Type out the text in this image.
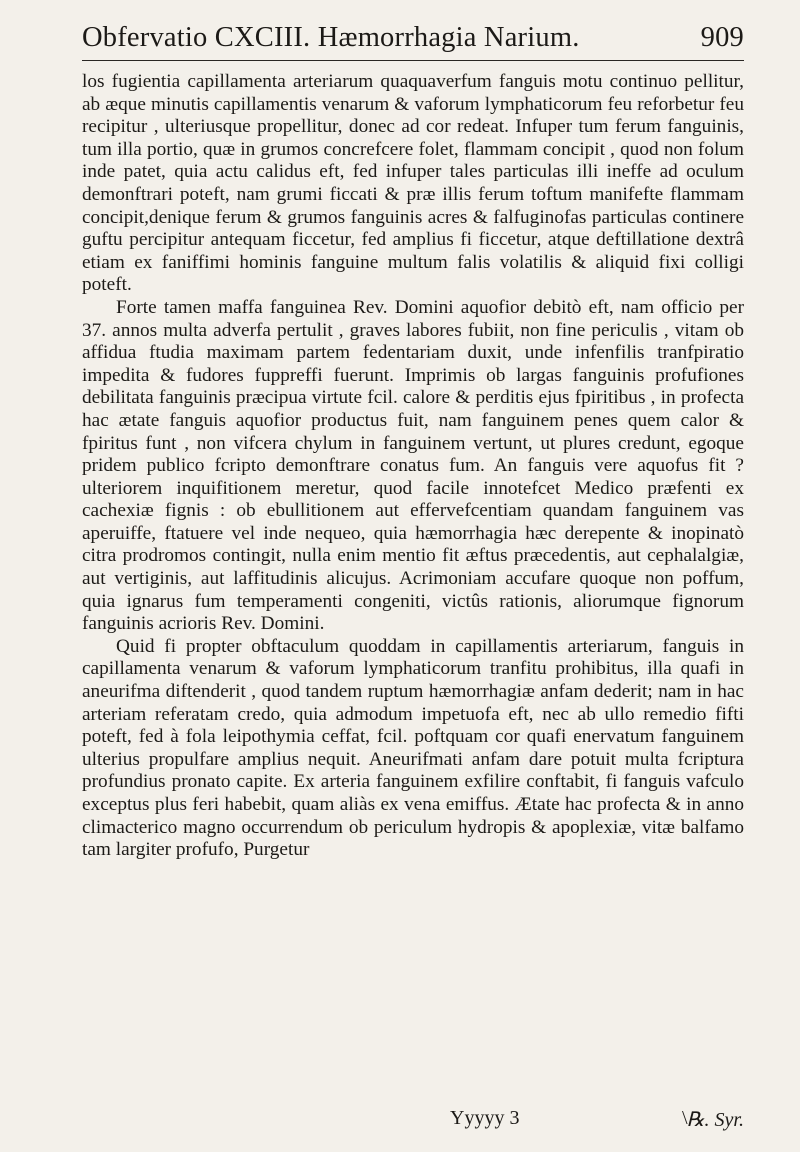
Obfervatio CXCIII. Hæmorrhagia Narium.	909

los fugientia capillamenta arteriarum quaquaverfum fanguis motu continuo pellitur, ab æque minutis capillamentis venarum & vaforum lymphaticorum feu reforbetur feu recipitur , ulteriusque propellitur, donec ad cor redeat. Infuper tum ferum fanguinis, tum illa portio, quæ in grumos concrefcere folet, flammam concipit , quod non folum inde patet, quia actu calidus eft, fed infuper tales particulas illi ineffe ad oculum demonftrari poteft, nam grumi ficcati & præ illis ferum toftum manifefte flammam concipit,denique ferum & grumos fanguinis acres & falfuginofas particulas continere guftu percipitur antequam ficcetur, fed amplius fi ficcetur, atque deftillatione dextrâ etiam ex faniffimi hominis fanguine multum falis volatilis & aliquid fixi colligi poteft.

Forte tamen maffa fanguinea Rev. Domini aquofior debitò eft, nam officio per 37. annos multa adverfa pertulit , graves labores fubiit, non fine periculis , vitam ob affidua ftudia maximam partem fedentariam duxit, unde infenfilis tranfpiratio impedita & fudores fuppreffi fuerunt. Imprimis ob largas fanguinis profufiones debilitata fanguinis præcipua virtute fcil. calore & perditis ejus fpiritibus , in profecta hac ætate fanguis aquofior productus fuit, nam fanguinem penes quem calor & fpiritus funt , non vifcera chylum in fanguinem vertunt, ut plures credunt, egoque pridem publico fcripto demonftrare conatus fum. An fanguis vere aquofus fit ? ulteriorem inquifitionem meretur, quod facile innotefcet Medico præfenti ex cachexiæ fignis : ob ebullitionem aut effervefcentiam quandam fanguinem vas aperuiffe, ftatuere vel inde nequeo, quia hæmorrhagia hæc derepente & inopinatò citra prodromos contingit, nulla enim mentio fit æftus præcedentis, aut cephalalgiæ, aut vertiginis, aut laffitudinis alicujus. Acrimoniam accufare quoque non poffum, quia ignarus fum temperamenti congeniti, victûs rationis, aliorumque fignorum fanguinis acrioris Rev. Domini.

Quid fi propter obftaculum quoddam in capillamentis arteriarum, fanguis in capillamenta venarum & vaforum lymphaticorum tranfitu prohibitus, illa quafi in aneurifma diftenderit , quod tandem ruptum hæmorrhagiæ anfam dederit; nam in hac arteriam referatam credo, quia admodum impetuofa eft, nec ab ullo remedio fifti poteft, fed à fola leipothymia ceffat, fcil. poftquam cor quafi enervatum fanguinem ulterius propulfare amplius nequit. Aneurifmati anfam dare potuit multa fcriptura profundius pronato capite. Ex arteria fanguinem exfilire conftabit, fi fanguis vafculo exceptus plus feri habebit, quam aliàs ex vena emiffus. Ætate hac profecta & in anno climacterico magno occurrendum ob periculum hydropis & apoplexiæ, vitæ balfamo tam largiter profufo, Purgetur

Yyyyy 3	\ ℞. Syr.
